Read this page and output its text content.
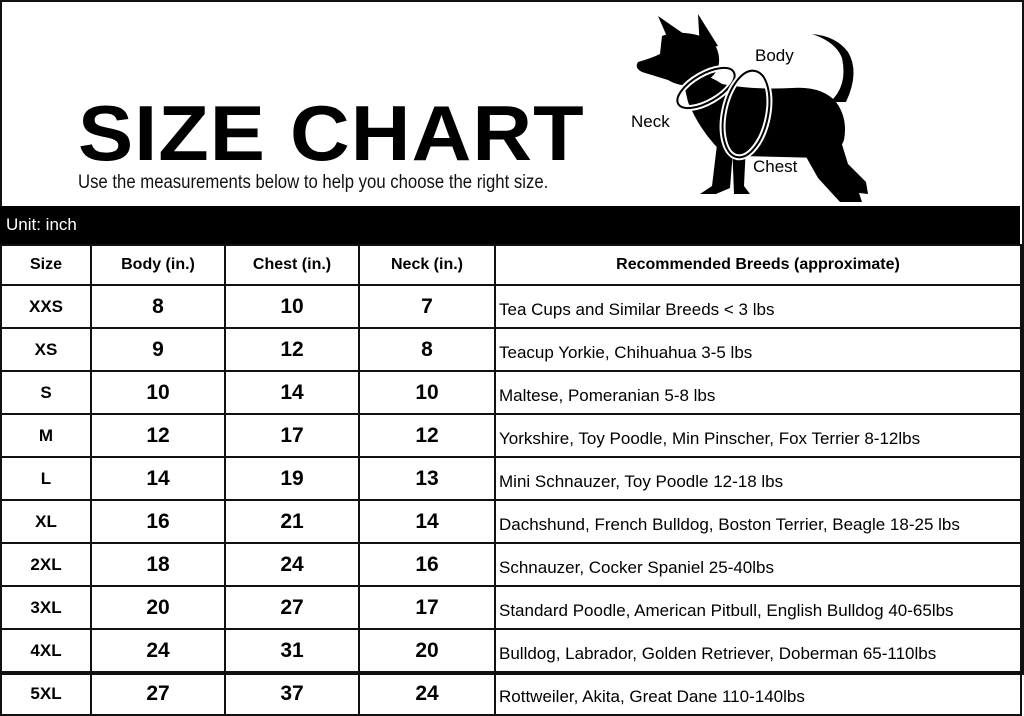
SIZE CHART
Use the measurements below to help you choose the right size.
Body
Neck
Chest
Unit: inch
Size	Body (in.)	Chest (in.)	Neck (in.)	Recommended Breeds (approximate)
XXS	8	10	7	Tea Cups and Similar Breeds < 3 lbs
XS	9	12	8	Teacup Yorkie, Chihuahua 3-5 lbs
S	10	14	10	Maltese, Pomeranian 5-8 lbs
M	12	17	12	Yorkshire, Toy Poodle, Min Pinscher, Fox Terrier 8-12lbs
L	14	19	13	Mini Schnauzer, Toy Poodle 12-18 lbs
XL	16	21	14	Dachshund, French Bulldog, Boston Terrier, Beagle 18-25 lbs
2XL	18	24	16	Schnauzer, Cocker Spaniel 25-40lbs
3XL	20	27	17	Standard Poodle, American Pitbull, English Bulldog 40-65lbs
4XL	24	31	20	Bulldog, Labrador, Golden Retriever, Doberman 65-110lbs
5XL	27	37	24	Rottweiler, Akita, Great Dane 110-140lbs
